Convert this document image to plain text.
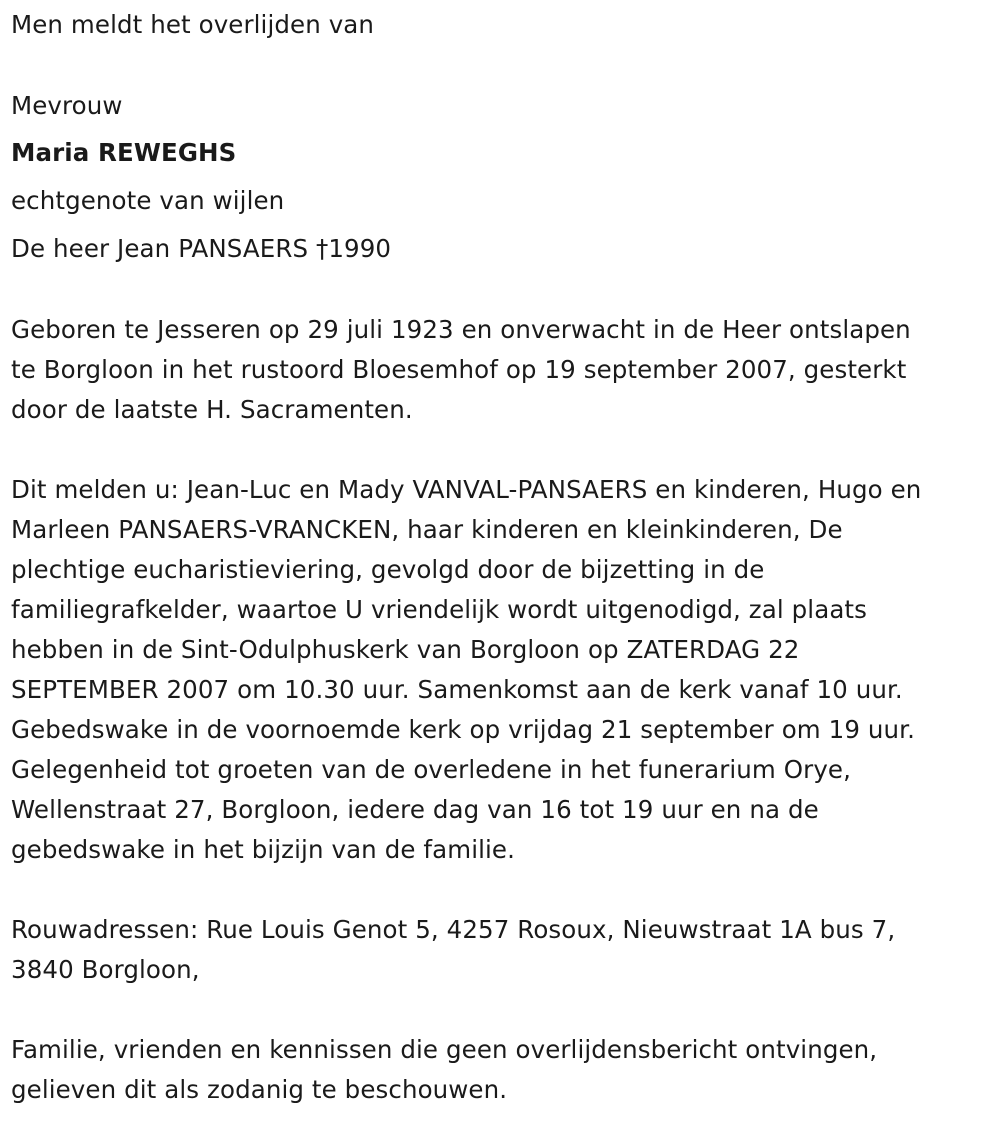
Men meldt het overlijden van
Mevrouw
Maria REWEGHS
echtgenote van wijlen
De heer Jean PANSAERS †1990
Geboren te Jesseren op 29 juli 1923 en onverwacht in de Heer ontslapen
te Borgloon in het rustoord Bloesemhof op 19 september 2007, gesterkt
door de laatste H. Sacramenten.
Dit melden u: Jean-Luc en Mady VANVAL-PANSAERS en kinderen, Hugo en
Marleen PANSAERS-VRANCKEN, haar kinderen en kleinkinderen, De
plechtige eucharistieviering, gevolgd door de bijzetting in de
familiegrafkelder, waartoe U vriendelijk wordt uitgenodigd, zal plaats
hebben in de Sint-Odulphuskerk van Borgloon op ZATERDAG 22
SEPTEMBER 2007 om 10.30 uur. Samenkomst aan de kerk vanaf 10 uur.
Gebedswake in de voornoemde kerk op vrijdag 21 september om 19 uur.
Gelegenheid tot groeten van de overledene in het funerarium Orye,
Wellenstraat 27, Borgloon, iedere dag van 16 tot 19 uur en na de
gebedswake in het bijzijn van de familie.
Rouwadressen: Rue Louis Genot 5, 4257 Rosoux, Nieuwstraat 1A bus 7,
3840 Borgloon,
Familie, vrienden en kennissen die geen overlijdensbericht ontvingen,
gelieven dit als zodanig te beschouwen.
